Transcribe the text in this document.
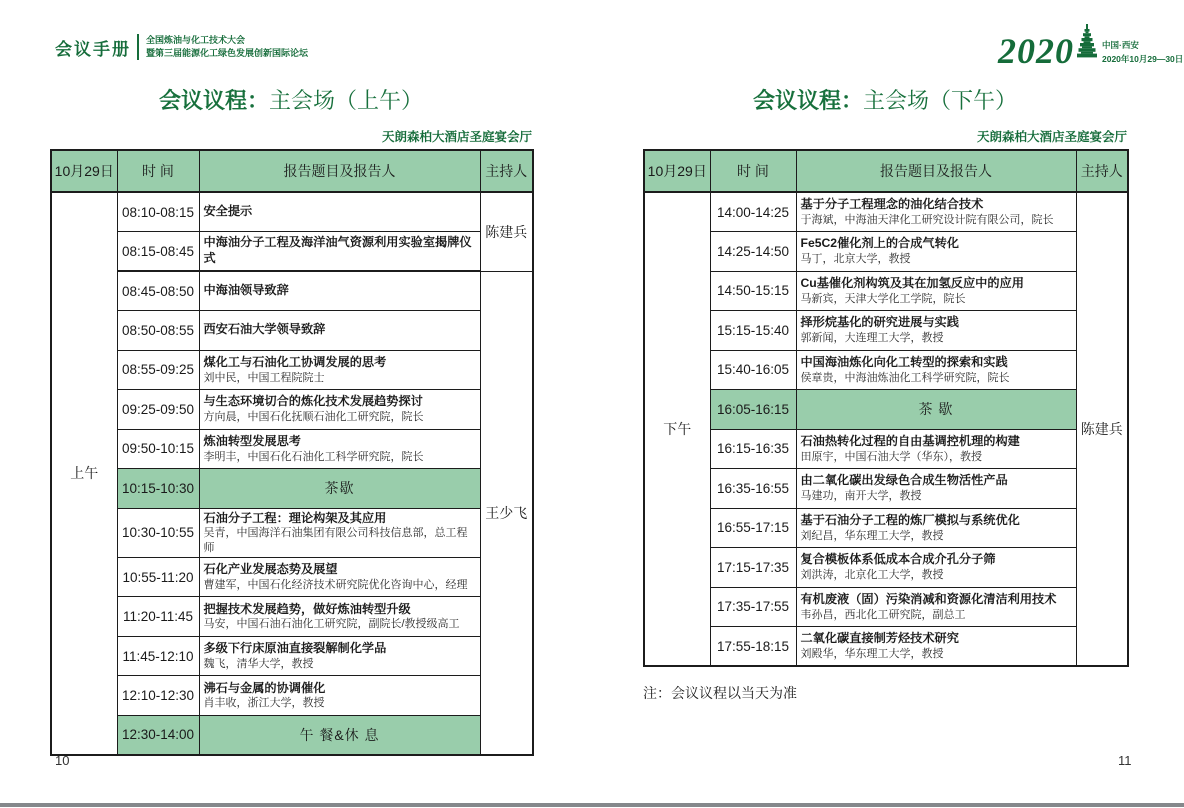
会议手册 全国炼油与化工技术大会
暨第三届能源化工绿色发展创新国际论坛	2020	中国·西安
2020年10月29—30日
会议议程：主会场（上午）
天朗森柏大酒店圣庭宴会厅
10月29日	时 间	报告题目及报告人	主持人
上午	08:10-08:15	安全提示	陈建兵
	08:15-08:45	中海油分子工程及海洋油气资源利用实验室揭牌仪式	

	08:45-08:50	中海油领导致辞	王少飞
	08:50-08:55	西安石油大学领导致辞	

	08:55-09:25	煤化工与石油化工协调发展的思考
刘中民，中国工程院院士	

	09:25-09:50	与生态环境切合的炼化技术发展趋势探讨
方向晨，中国石化抚顺石油化工研究院，院长	

	09:50-10:15	炼油转型发展思考
李明丰，中国石化石油化工科学研究院，院长	

	10:15-10:30	茶歇	
	10:30-10:55	石油分子工程：理论构架及其应用
吴青，中国海洋石油集团有限公司科技信息部，总工程师	

	10:55-11:20	石化产业发展态势及展望
曹建军，中国石化经济技术研究院优化咨询中心，经理	

	11:20-11:45	把握技术发展趋势，做好炼油转型升级
马安，中国石油石油化工研究院，副院长/教授级高工	

	11:45-12:10	多级下行床原油直接裂解制化学品
魏飞，清华大学，教授	

	12:10-12:30	沸石与金属的协调催化
肖丰收，浙江大学，教授	

	12:30-14:00	午 餐&休 息	
会议议程：主会场（下午）
天朗森柏大酒店圣庭宴会厅
10月29日	时 间	报告题目及报告人	主持人
下午	14:00-14:25	基于分子工程理念的油化结合技术
于海斌，中海油天津化工研究设计院有限公司，院长	陈建兵
	14:25-14:50	Fe5C2催化剂上的合成气转化
马丁，北京大学，教授	

	14:50-15:15	Cu基催化剂构筑及其在加氢反应中的应用
马新宾，天津大学化工学院，院长	

	15:15-15:40	择形烷基化的研究进展与实践
郭新闻，大连理工大学，教授	

	15:40-16:05	中国海油炼化向化工转型的探索和实践
侯章贵，中海油炼油化工科学研究院，院长	

	16:05-16:15	茶 歇	
	16:15-16:35	石油热转化过程的自由基调控机理的构建
田原宇，中国石油大学（华东），教授	

	16:35-16:55	由二氧化碳出发绿色合成生物活性产品
马建功，南开大学，教授	

	16:55-17:15	基于石油分子工程的炼厂模拟与系统优化
刘纪昌，华东理工大学，教授	

	17:15-17:35	复合模板体系低成本合成介孔分子筛
刘洪涛，北京化工大学，教授	

	17:35-17:55	有机废液（固）污染消减和资源化清洁利用技术
韦孙昌，西北化工研究院，副总工	

	17:55-18:15	二氧化碳直接制芳烃技术研究
刘殿华，华东理工大学，教授	
注：会议议程以当天为准
10	11
